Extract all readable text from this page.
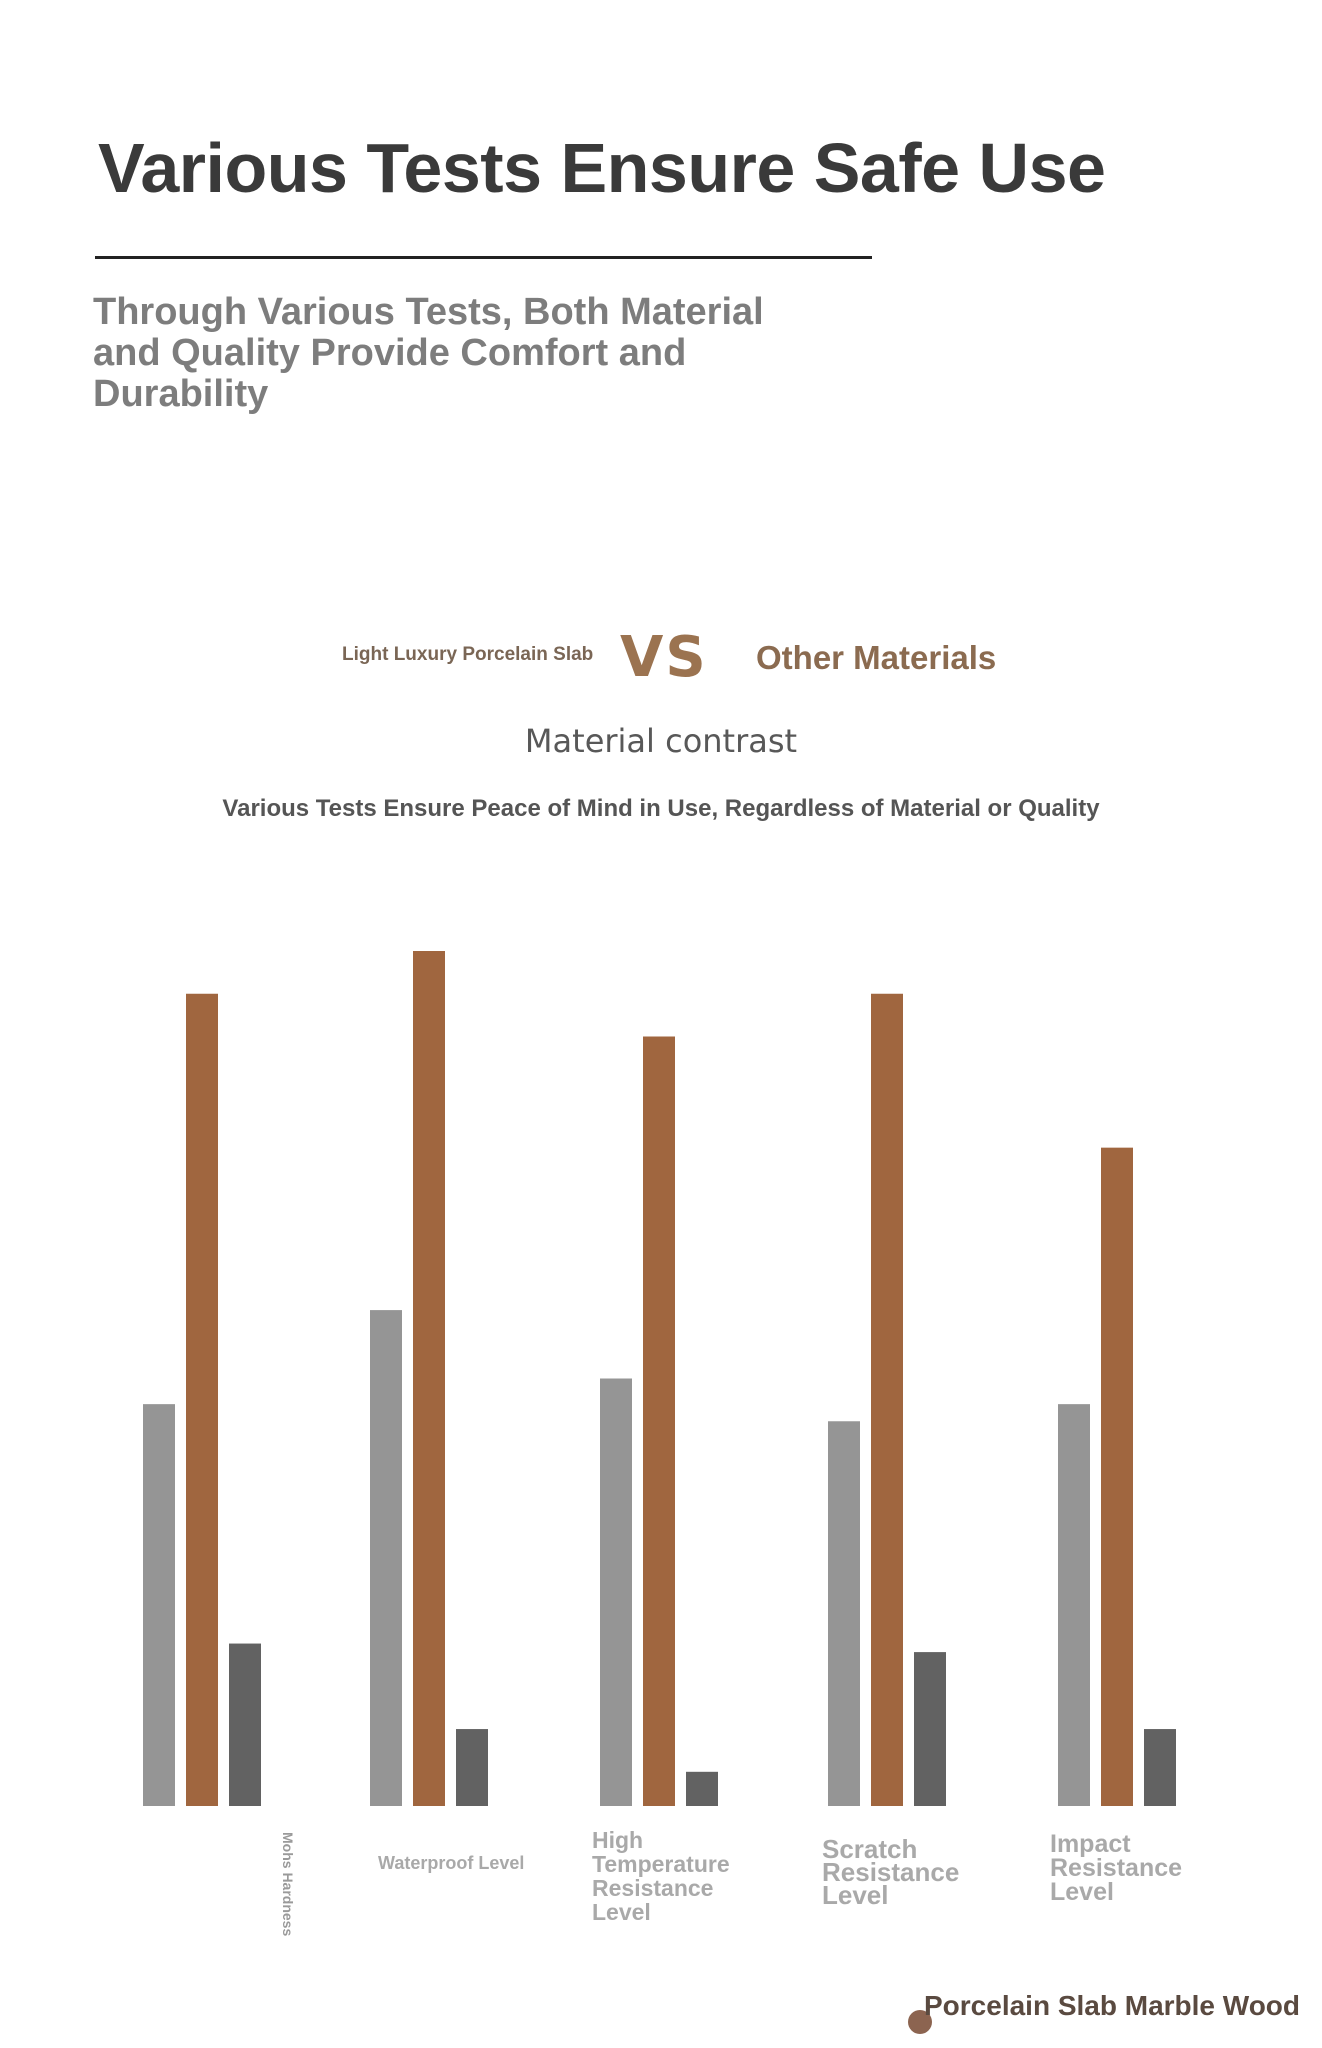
Various Tests Ensure Safe Use
Through Various Tests, Both Material and Quality Provide Comfort and Durability
Light Luxury Porcelain Slab VS Other Materials
Material contrast
Various Tests Ensure Peace of Mind in Use, Regardless of Material or Quality
Mohs Hardness	Waterproof Level
High Temperature Resistance Level
Scratch Resistance Level
Impact Resistance Level
Porcelain Slab Marble Wood
